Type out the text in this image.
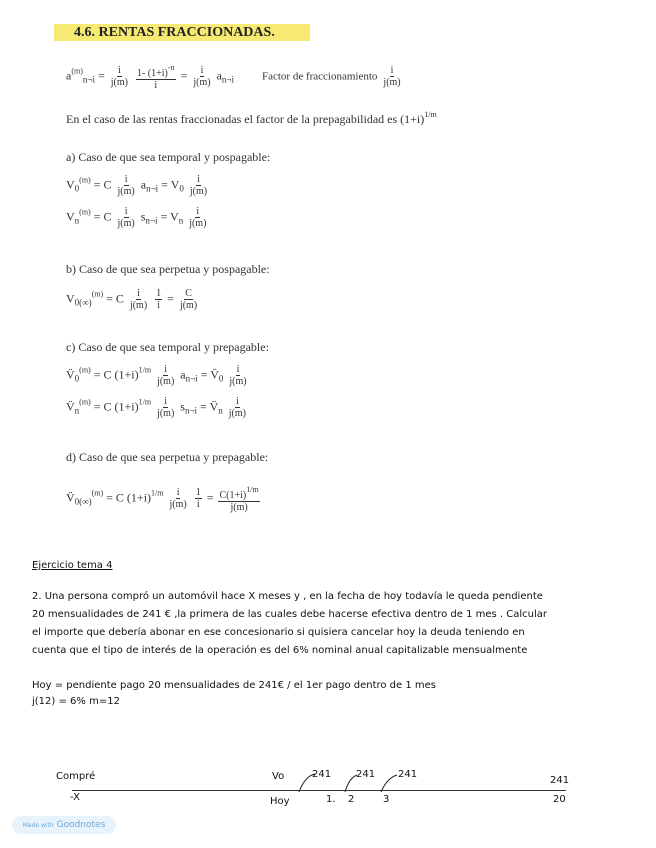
4.6. RENTAS FRACCIONADAS.
$a^{(m)}_{n\neg i} = \frac{i}{j(m)}$
$\frac{1- (1+i)^{-n}}{i} = \frac{i}{j(m)} a_{n\neg i}$	Factor de fraccionamiento $\frac{i}{j(m)}$
En el caso de las rentas fraccionadas el factor de la prepagabilidad es $(1+i)^{1/m}$
a) Caso de que sea temporal y pospagable:
$V_0^{(m)} = C \frac{i}{j(m)} a_{n\neg i} = V_0 \frac{i}{j(m)}$
$V_n^{(m)} = C \frac{i}{j(m)} s_{n\neg i} = V_n \frac{i}{j(m)}$
b) Caso de que sea perpetua y pospagable:
$V_{0(\infty)}^{(m)} = C \frac{i}{j(m)}$
$\frac{1}{i} = \frac{C}{j(m)}$
c) Caso de que sea temporal y prepagable:
$V̈_0^{(m)} = C$ $(1+i)^{1/m} \frac{i}{j(m)} a_{n\neg i}$ = $V̈_0 \frac{i}{j(m)}$
$V̈_n^{(m)} = C$ $(1+i)^{1/m} \frac{i}{j(m)} s_{n\neg i}$ = $V̈_n \frac{i}{j(m)}$
d) Caso de que sea perpetua y prepagable:
$V̈_{0(\infty)}^{(m)} = C$ $(1+i)^{1/m} \frac{i}{j(m)}$
$\frac{1}{i} = \frac{C(1+i)^{1/m}}{j(m)}$
Ejercicio tema 4
2. Una persona compró un automóvil hace X meses y , en la fecha de hoy todavía le queda pendiente
20 mensualidades de 241 € ,la primera de las cuales debe hacerse efectiva dentro de 1 mes . Calcular
el importe que debería abonar en ese concesionario si quisiera cancelar hoy la deuda teniendo en
cuenta que el tipo de interés de la operación es del 6% nominal anual capitalizable mensualmente
Hoy = pendiente pago 20 mensualidades de 241€ / el 1er pago dentro de 1 mes
j(12) = 6% m=12
Compré
-X
Vo
Hoy
241 241 241
1. 2	3
241
20
Made with Goodnotes
